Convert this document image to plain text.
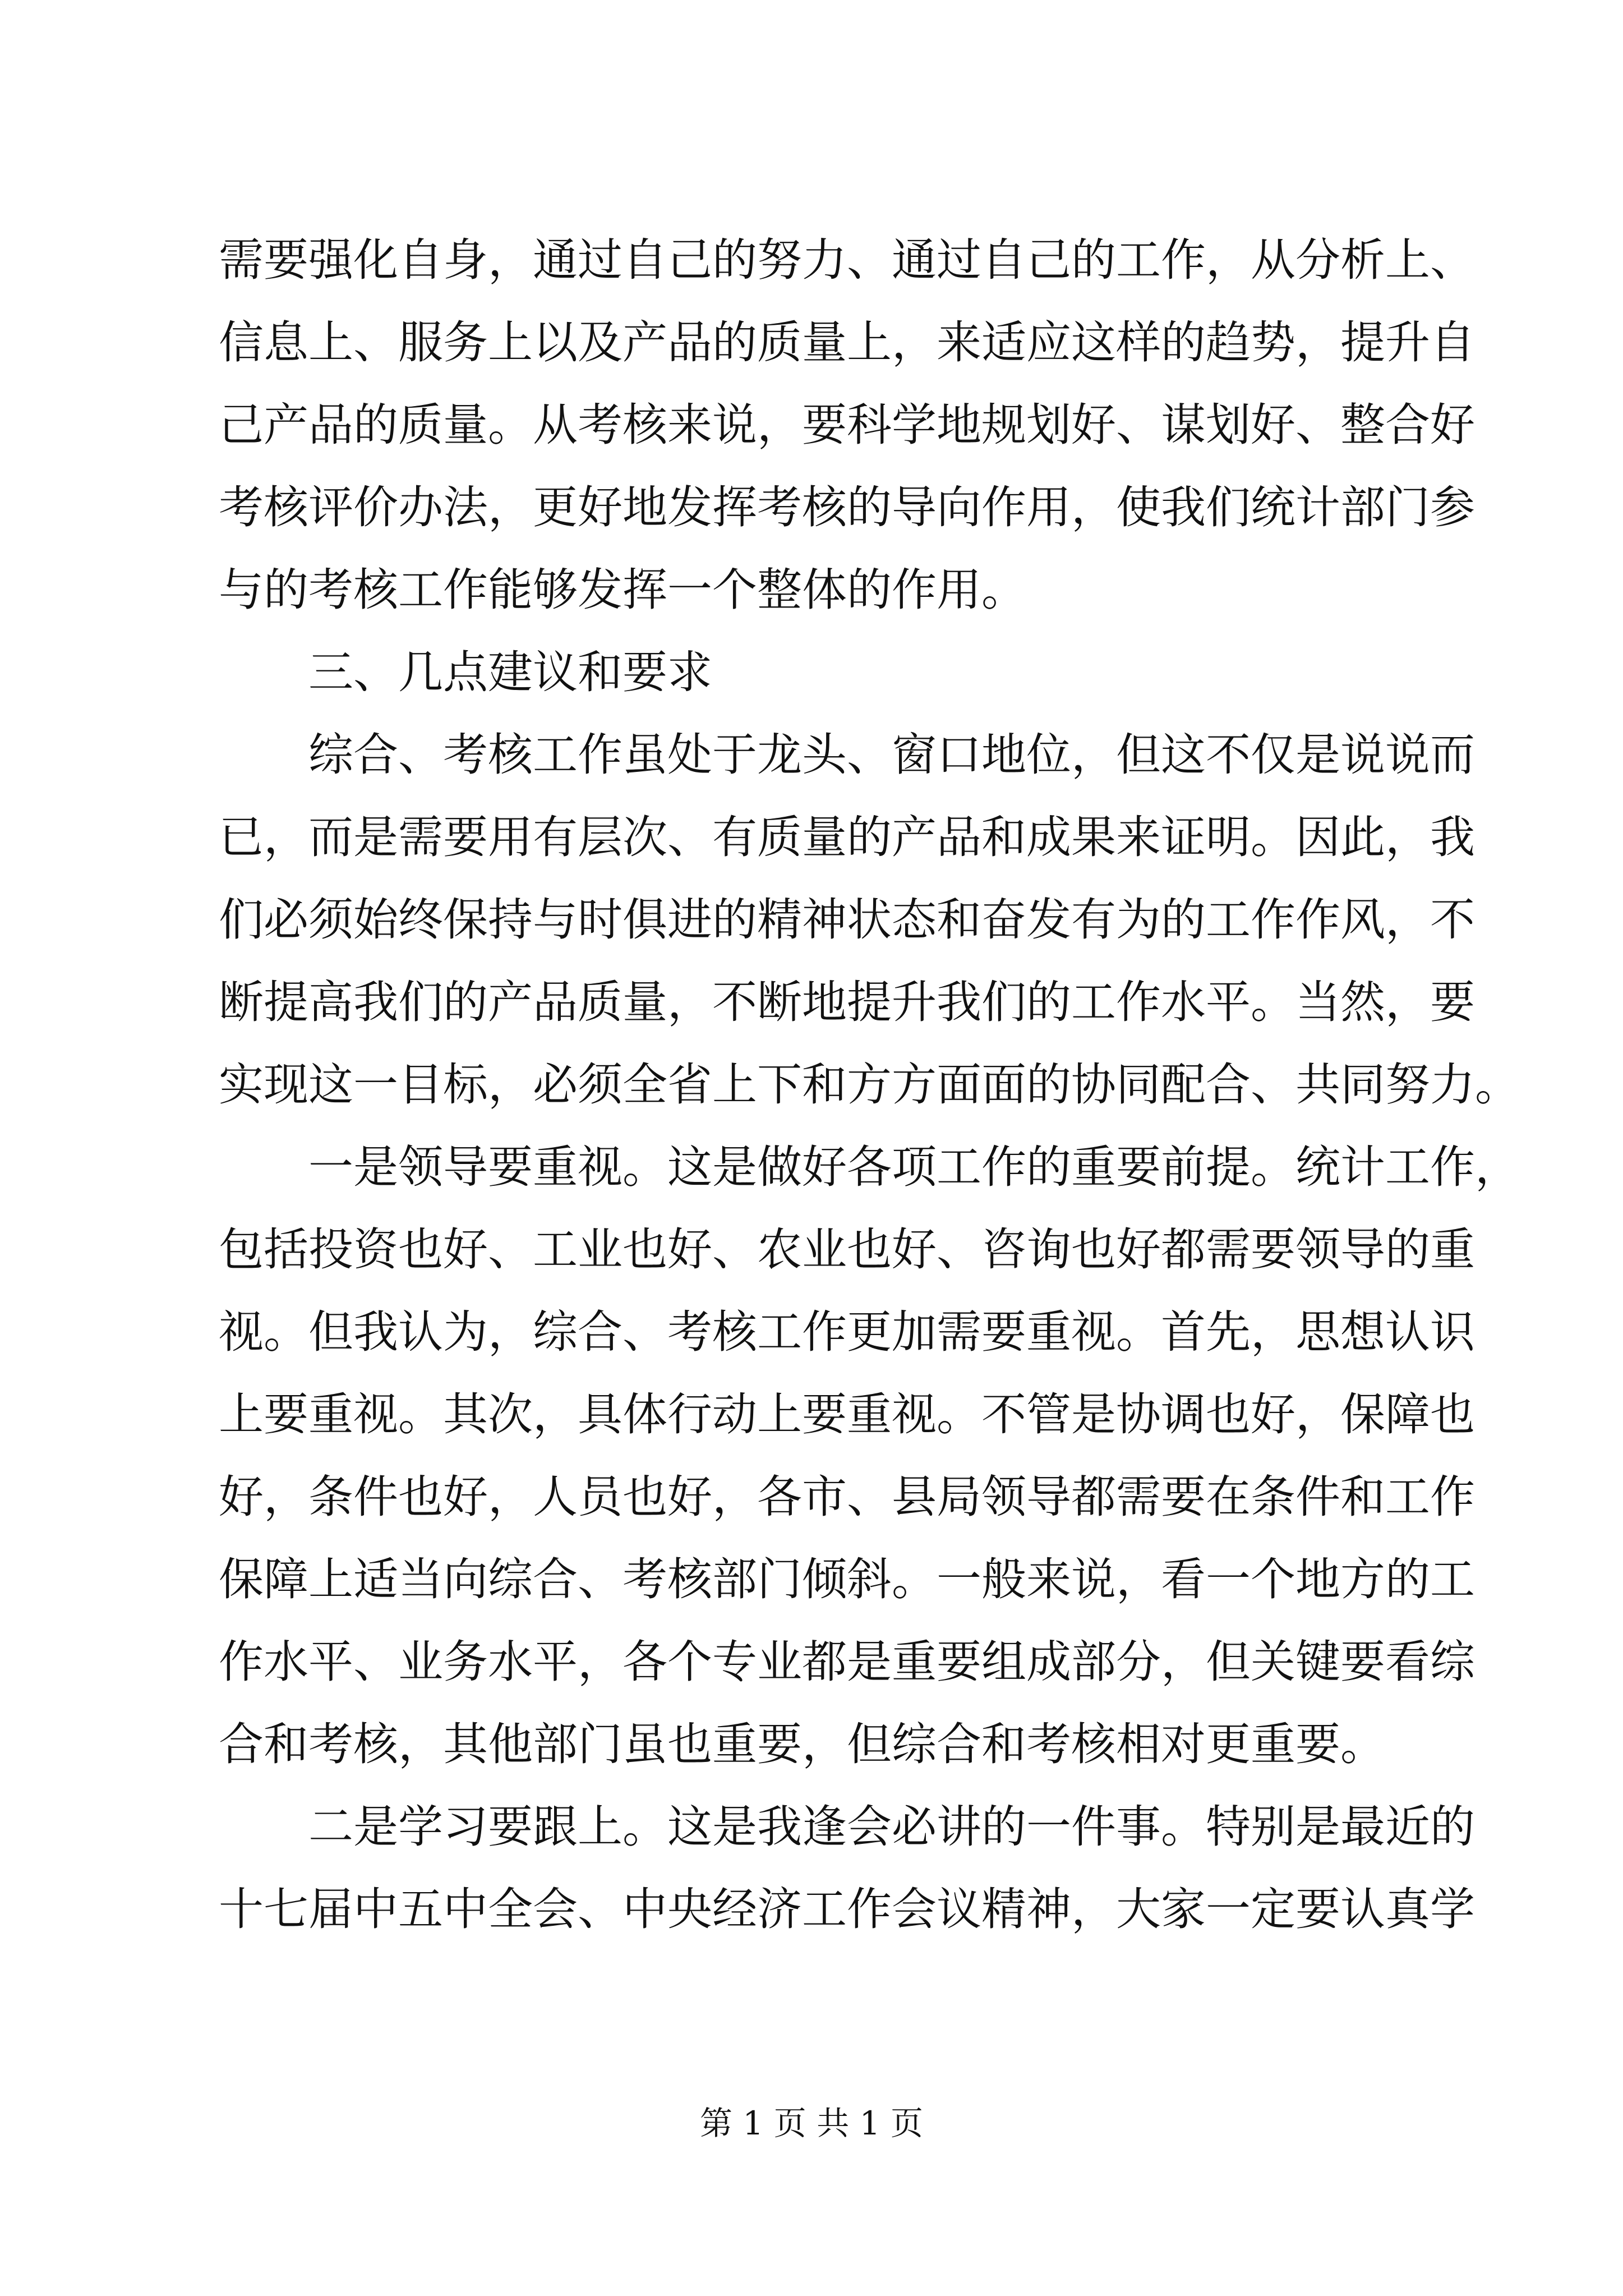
需要强化自身，通过自己的努力、通过自己的工作，从分析上、
信息上、服务上以及产品的质量上，来适应这样的趋势，提升自
己产品的质量。从考核来说，要科学地规划好、谋划好、整合好
考核评价办法，更好地发挥考核的导向作用，使我们统计部门参
与的考核工作能够发挥一个整体的作用。
三、几点建议和要求
综合、考核工作虽处于龙头、窗口地位，但这不仅是说说而
已，而是需要用有层次、有质量的产品和成果来证明。因此，我
们必须始终保持与时俱进的精神状态和奋发有为的工作作风，不
断提高我们的产品质量，不断地提升我们的工作水平。当然，要
实现这一目标，必须全省上下和方方面面的协同配合、共同努力。
一是领导要重视。这是做好各项工作的重要前提。统计工作，
包括投资也好、工业也好、农业也好、咨询也好都需要领导的重
视。但我认为，综合、考核工作更加需要重视。首先，思想认识
上要重视。其次，具体行动上要重视。不管是协调也好，保障也
好，条件也好，人员也好，各市、县局领导都需要在条件和工作
保障上适当向综合、考核部门倾斜。一般来说，看一个地方的工
作水平、业务水平，各个专业都是重要组成部分，但关键要看综
合和考核，其他部门虽也重要，但综合和考核相对更重要。
二是学习要跟上。这是我逢会必讲的一件事。特别是最近的
十七届中五中全会、中央经济工作会议精神，大家一定要认真学
第 1 页 共 1 页
